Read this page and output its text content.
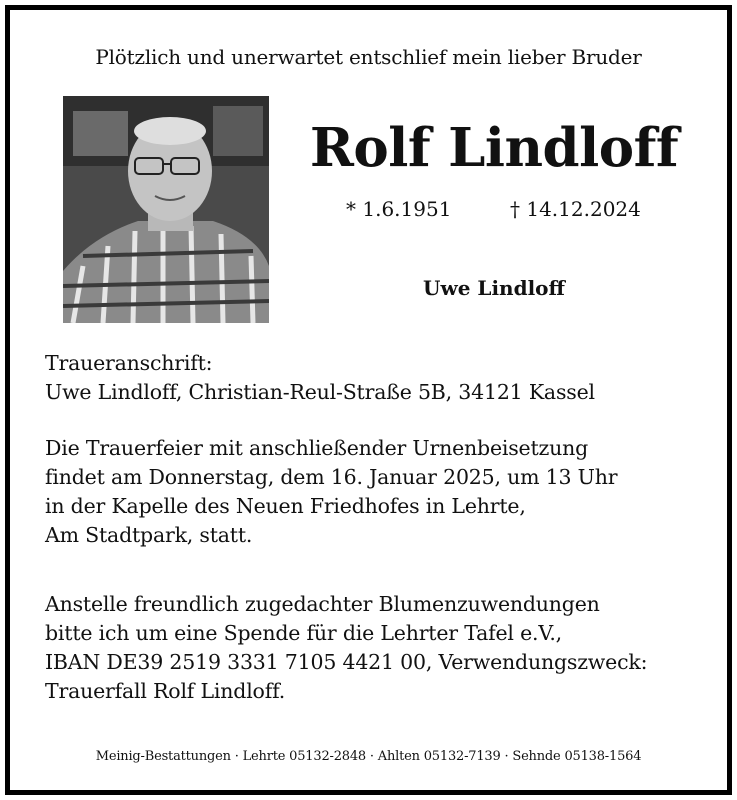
Plötzlich und unerwartet entschlief mein lieber Bruder
Rolf Lindloff
* 1.6.1951	† 14.12.2024
Uwe Lindloff
Traueranschrift:
Uwe Lindloff, Christian-Reul-Straße 5B, 34121 Kassel
Die Trauerfeier mit anschließender Urnenbeisetzung
findet am Donnerstag, dem 16. Januar 2025, um 13 Uhr
in der Kapelle des Neuen Friedhofes in Lehrte,
Am Stadtpark, statt.
Anstelle freundlich zugedachter Blumenzuwendungen
bitte ich um eine Spende für die Lehrter Tafel e.V.,
IBAN DE39 2519 3331 7105 4421 00, Verwendungszweck:
Trauerfall Rolf Lindloff.
Meinig-Bestattungen · Lehrte 05132-2848 · Ahlten 05132-7139 · Sehnde 05138-1564
